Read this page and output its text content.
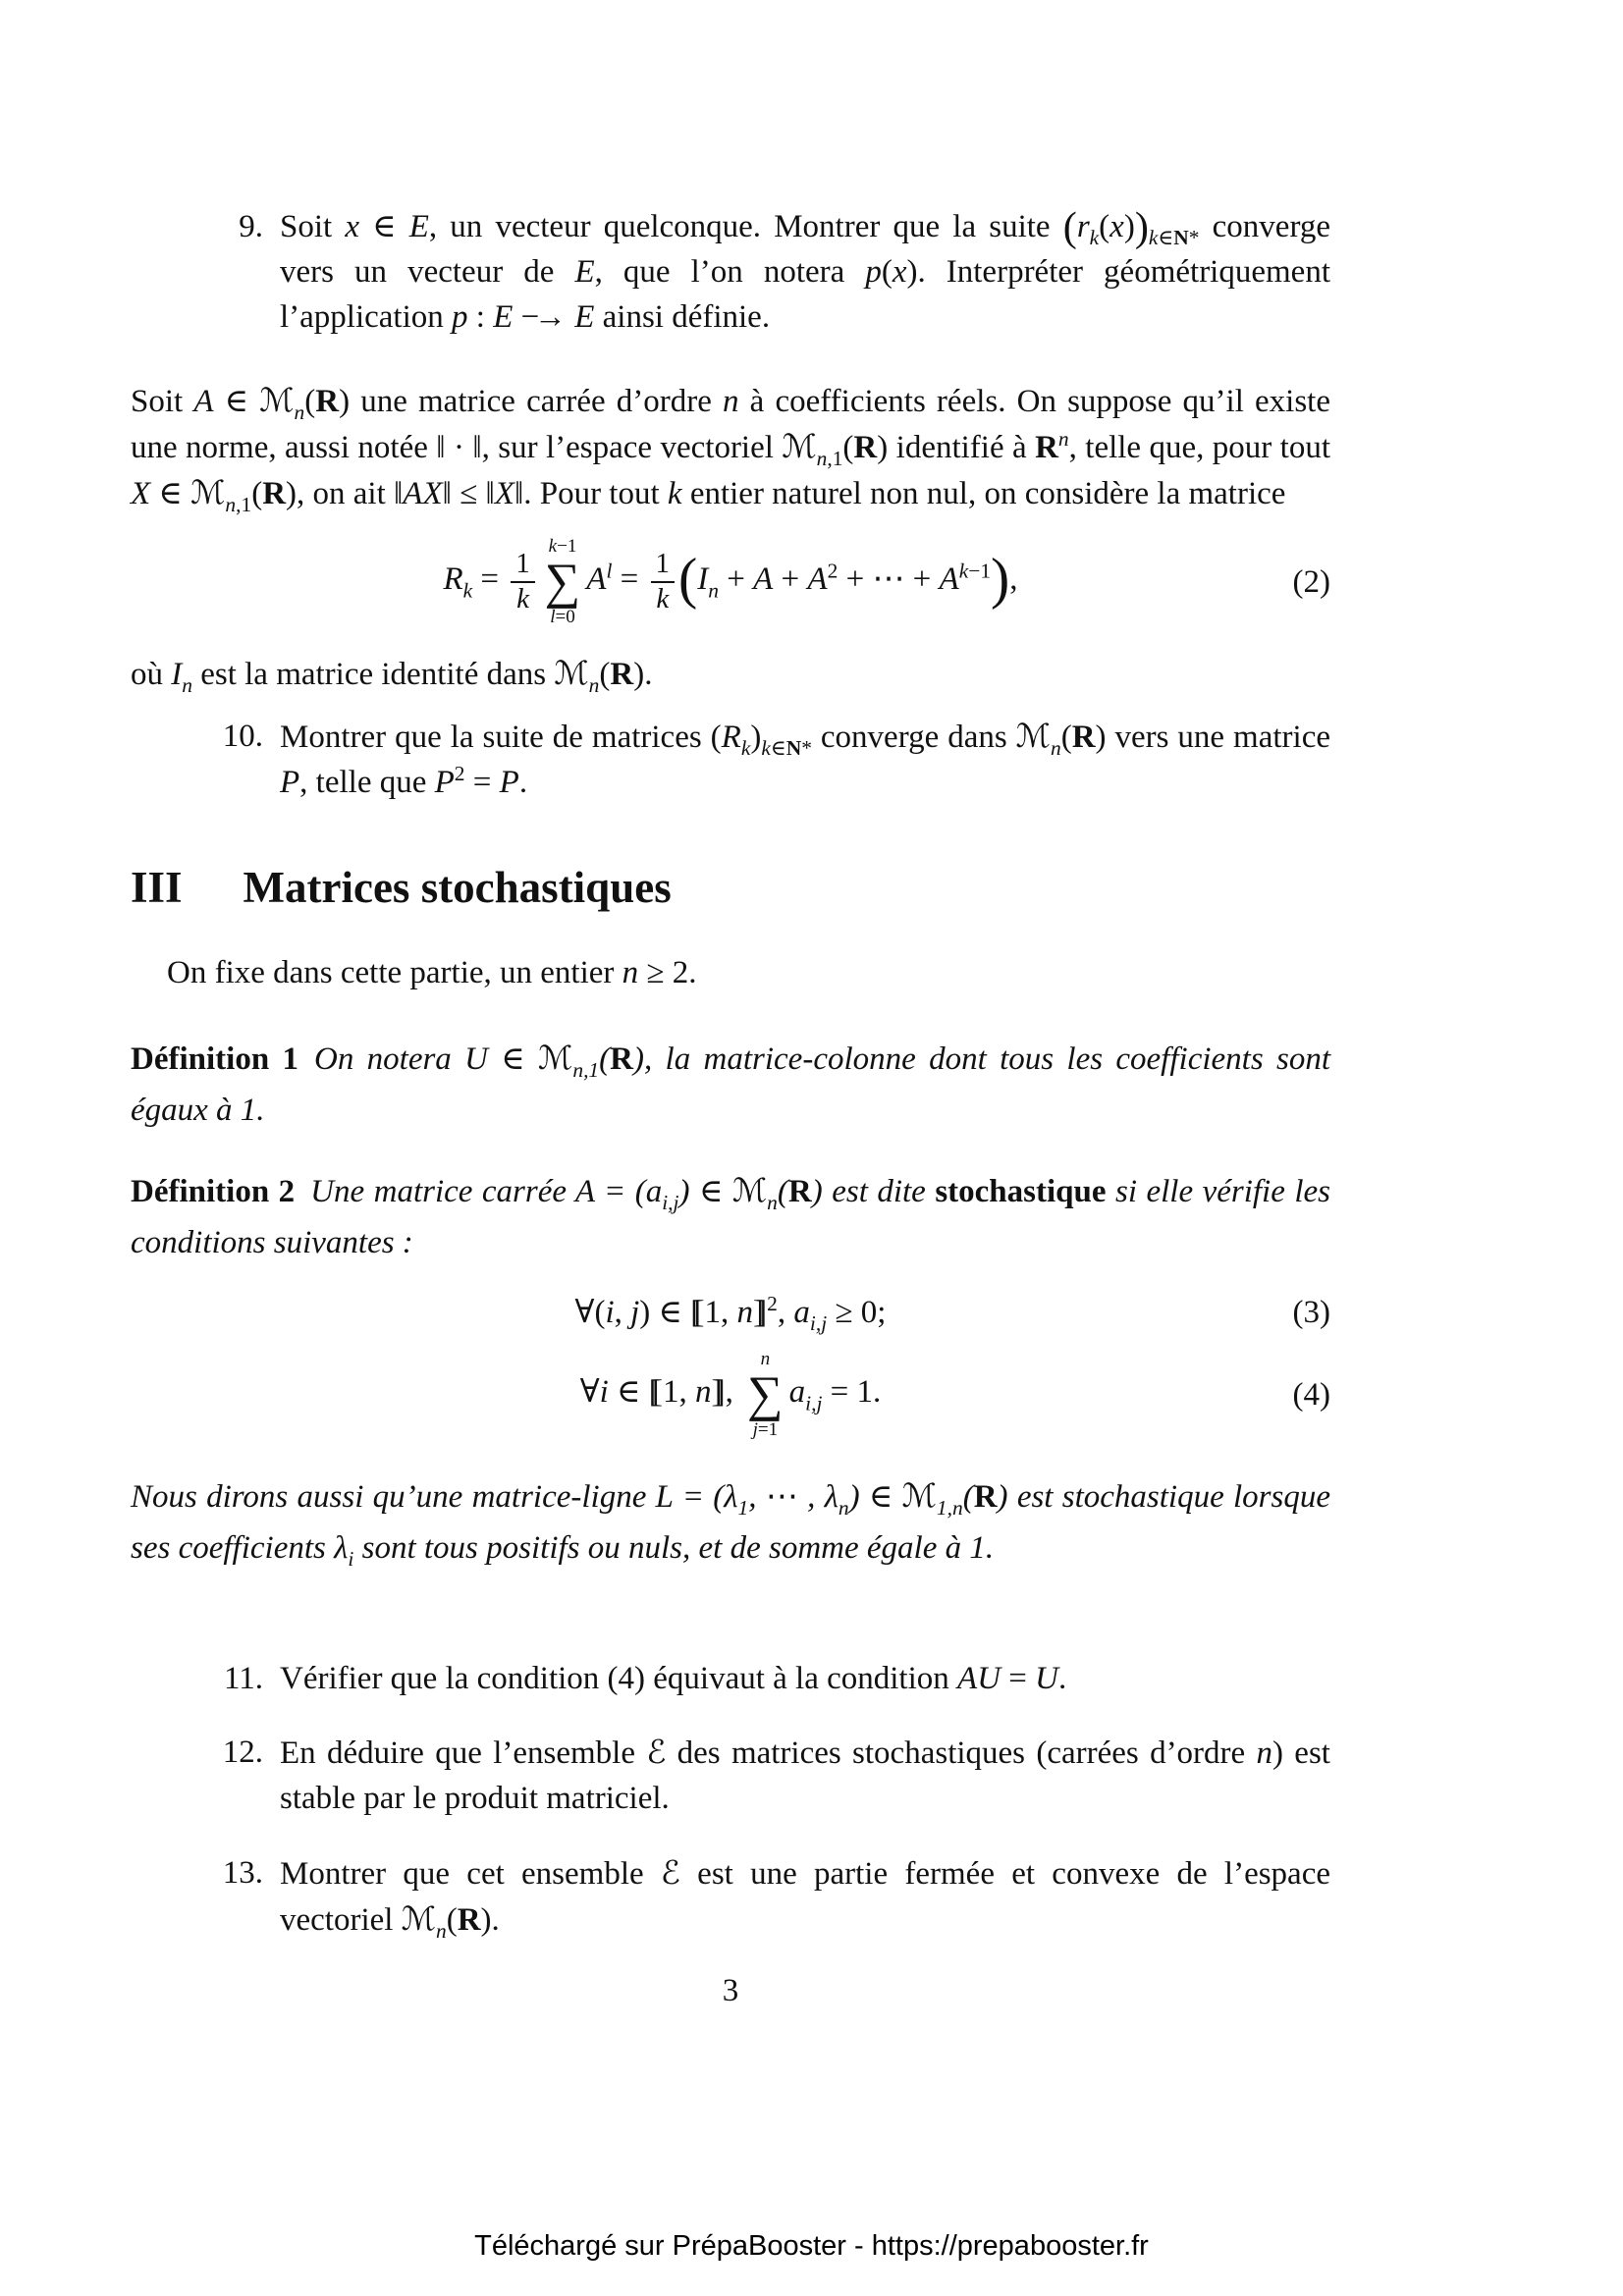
9. Soit x ∈ E, un vecteur quelconque. Montrer que la suite $(r_k(x))_{k\in N*}$ converge vers un vecteur de E, que l’on notera p(x). Interpréter géométriquement l’application p : E −→ E ainsi définie.

Soit A ∈ ℳ$_n$(R) une matrice carrée d’ordre n à coefficients réels. On suppose qu’il existe une norme, aussi notée ‖ · ‖, sur l’espace vectoriel ℳ$_{n,1}$(R) identifié à $R^n$, telle que, pour tout X ∈ ℳ$_{n,1}$(R), on ait ‖AX‖ ≤ ‖X‖. Pour tout k entier naturel non nul, on considère la matrice

$R_k = \frac{1}{k}$
k−1
∑
l=0
$A^l = \frac{1}{k} (I_n + A + A^2$ + ⋯ + $A^{k-1}$),	(2)

où $I_n$ est la matrice identité dans ℳ$_n$(R).

10. Montrer que la suite de matrices $(R_k)_{k\in N*}$ converge dans ℳ$_n$(R) vers une matrice P, telle que $P^2 = P$.
III Matrices stochastiques

On fixe dans cette partie, un entier n ≥ 2.

Définition 1 On notera U ∈ ℳ$_{n,1}$(R), la matrice-colonne dont tous les coefficients sont égaux à 1.

Définition 2 Une matrice carrée $A = (a_{i,j})$ ∈ ℳ$_n$(R) est dite stochastique si elle vérifie les conditions suivantes :

∀(i, j) ∈ [[ 1, n]] $^2$, $a_{i,j} \ge 0$;	(3)
∀i ∈ [[ 1, n]] ,
n
∑
j=1
$a_{i,j} = 1$.	(4)

Nous dirons aussi qu’une matrice-ligne $L = (\lambda_1$, ⋯ , $\lambda_n$) ∈ ℳ$_{1,n}$(R) est stochastique lorsque ses coefficients $\lambda_i$ sont tous positifs ou nuls, et de somme égale à 1.

11. Vérifier que la condition (4) équivaut à la condition AU = U.
12. En déduire que l’ensemble ℰ des matrices stochastiques (carrées d’ordre n) est stable par le produit matriciel.
13. Montrer que cet ensemble ℰ est une partie fermée et convexe de l’espace vectoriel ℳ$_n$(R).
3
Téléchargé sur PrépaBooster - https://prepabooster.fr
